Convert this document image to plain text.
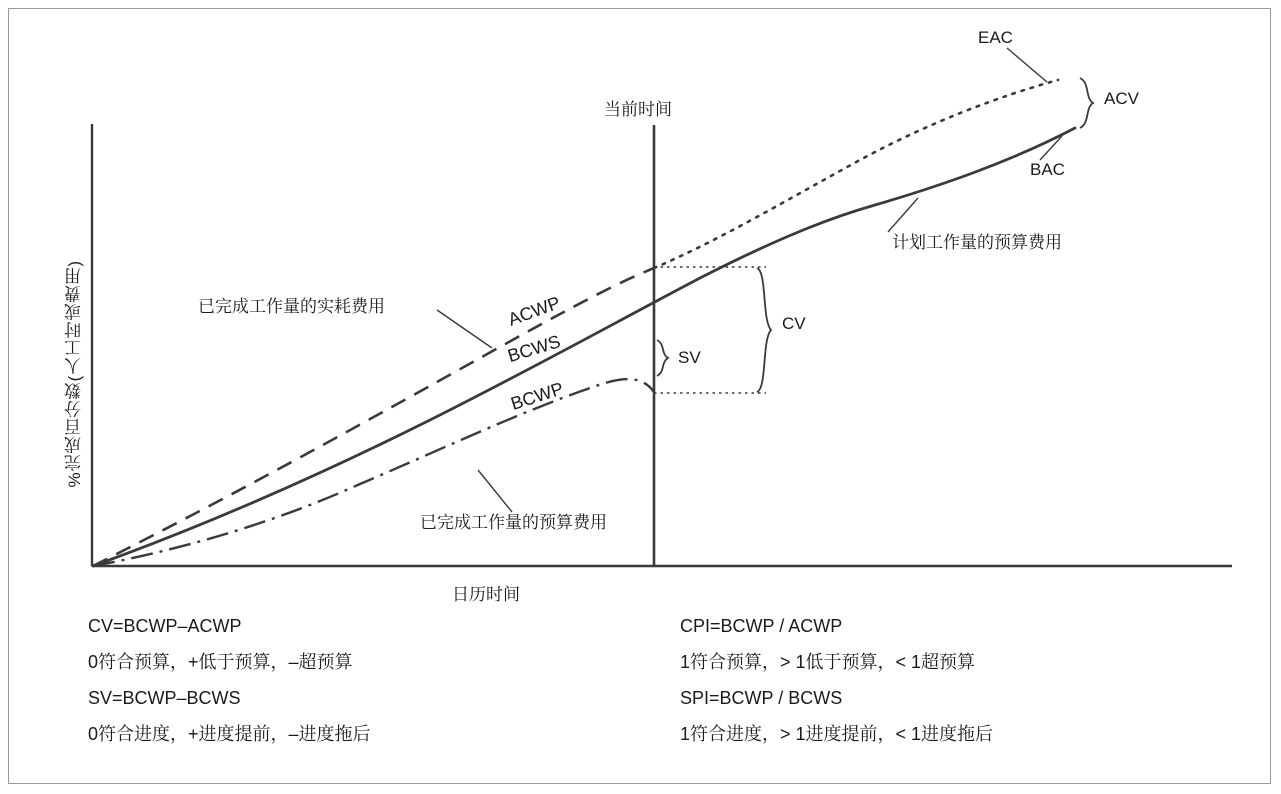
%完成百分数(人工时或费用)
日历时间
当前时间
EAC
ACV
BAC
CV
SV
已完成工作量的实耗费用
计划工作量的预算费用
已完成工作量的预算费用
ACWP
BCWS
BCWP
CV=BCWP–ACWP
0符合预算，+低于预算，–超预算
SV=BCWP–BCWS
0符合进度，+进度提前，–进度拖后
CPI=BCWP / ACWP
1符合预算，> 1低于预算，< 1超预算
SPI=BCWP / BCWS
1符合进度，> 1进度提前，< 1进度拖后
